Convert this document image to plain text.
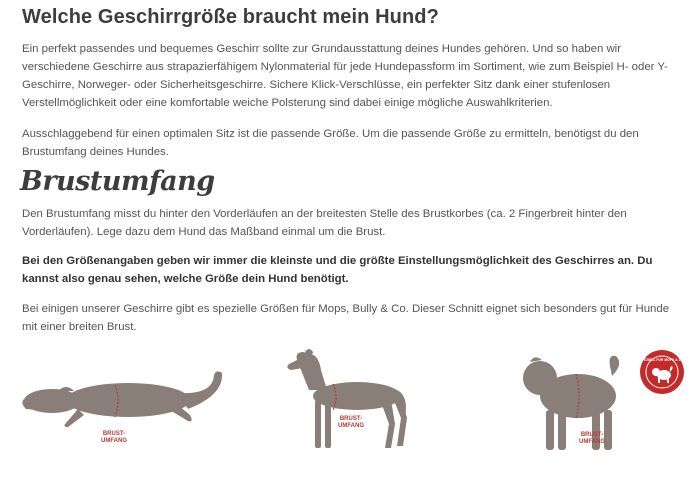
Welche Geschirrgröße braucht mein Hund?

Ein perfekt passendes und bequemes Geschirr sollte zur Grundausstattung deines Hundes gehören. Und so haben wir verschiedene Geschirre aus strapazierfähigem Nylonmaterial für jede Hundepassform im Sortiment, wie zum Beispiel H- oder Y-Geschirre, Norweger- oder Sicherheitsgeschirre. Sichere Klick-Verschlüsse, ein perfekter Sitz dank einer stufenlosen Verstellmöglichkeit oder eine komfortable weiche Polsterung sind dabei einige mögliche Auswahlkriterien.

Ausschlaggebend für einen optimalen Sitz ist die passende Größe. Um die passende Größe zu ermitteln, benötigst du den Brustumfang deines Hundes.

Brustumfang

Den Brustumfang misst du hinter den Vorderläufen an der breitesten Stelle des Brustkorbes (ca. 2 Fingerbreit hinter den Vorderläufen). Lege dazu dem Hund das Maßband einmal um die Brust.

Bei den Größenangaben geben wir immer die kleinste und die größte Einstellungsmöglichkeit des Geschirres an. Du kannst also genau sehen, welche Größe dein Hund benötigt.

Bei einigen unserer Geschirre gibt es spezielle Größen für Mops, Bully & Co. Dieser Schnitt eignet sich besonders gut für Hunde mit einer breiten Brust.

BRUST-
UMFANG
BRUST-
UMFANG
BRUST-
UMFANG
SPEZIELL FÜR MOPS & CO.
